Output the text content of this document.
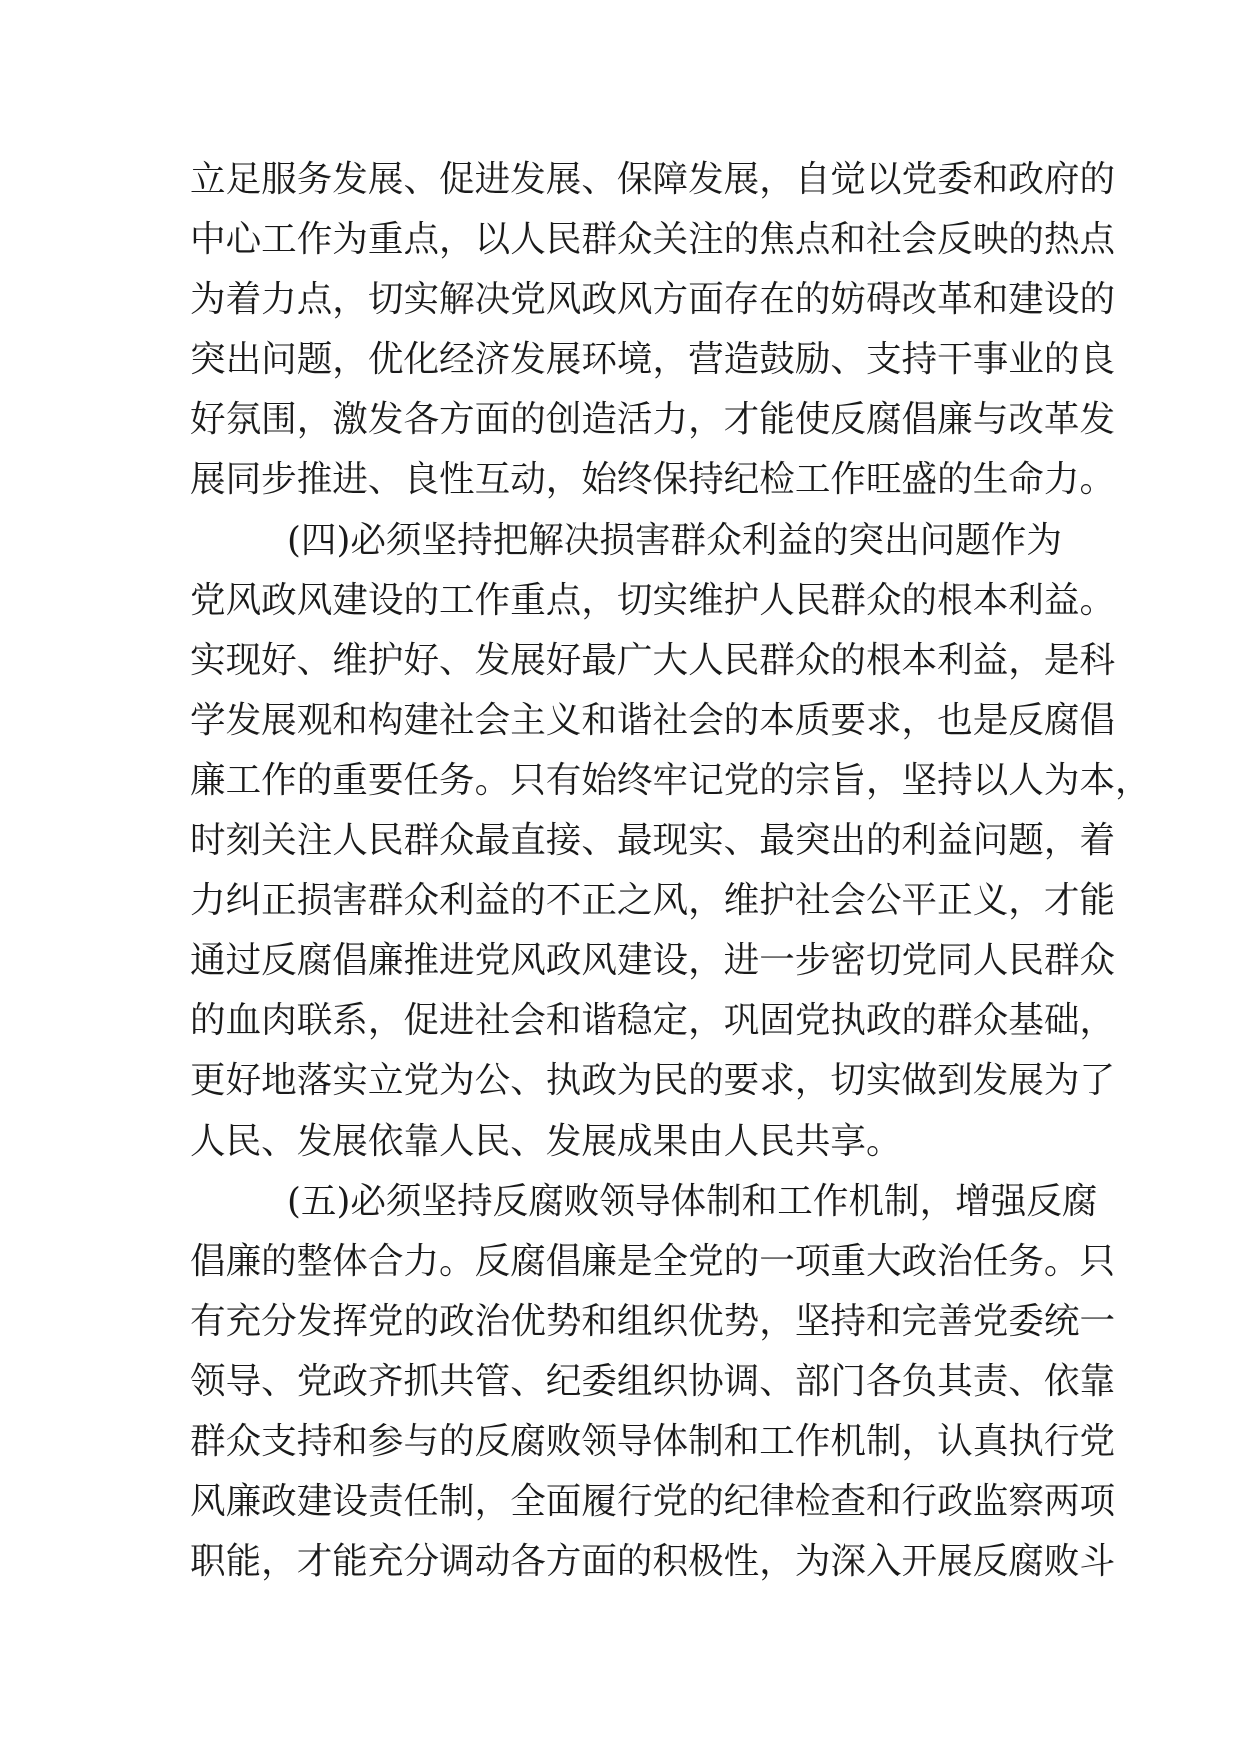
立足服务发展、促进发展、保障发展，自觉以党委和政府的
中心工作为重点，以人民群众关注的焦点和社会反映的热点
为着力点，切实解决党风政风方面存在的妨碍改革和建设的
突出问题，优化经济发展环境，营造鼓励、支持干事业的良
好氛围，激发各方面的创造活力，才能使反腐倡廉与改革发
展同步推进、良性互动，始终保持纪检工作旺盛的生命力。
(四)必须坚持把解决损害群众利益的突出问题作为
党风政风建设的工作重点，切实维护人民群众的根本利益。
实现好、维护好、发展好最广大人民群众的根本利益，是科
学发展观和构建社会主义和谐社会的本质要求，也是反腐倡
廉工作的重要任务。只有始终牢记党的宗旨，坚持以人为本，
时刻关注人民群众最直接、最现实、最突出的利益问题，着
力纠正损害群众利益的不正之风，维护社会公平正义，才能
通过反腐倡廉推进党风政风建设，进一步密切党同人民群众
的血肉联系，促进社会和谐稳定，巩固党执政的群众基础，
更好地落实立党为公、执政为民的要求，切实做到发展为了
人民、发展依靠人民、发展成果由人民共享。
(五)必须坚持反腐败领导体制和工作机制，增强反腐
倡廉的整体合力。反腐倡廉是全党的一项重大政治任务。只
有充分发挥党的政治优势和组织优势，坚持和完善党委统一
领导、党政齐抓共管、纪委组织协调、部门各负其责、依靠
群众支持和参与的反腐败领导体制和工作机制，认真执行党
风廉政建设责任制，全面履行党的纪律检查和行政监察两项
职能，才能充分调动各方面的积极性，为深入开展反腐败斗
